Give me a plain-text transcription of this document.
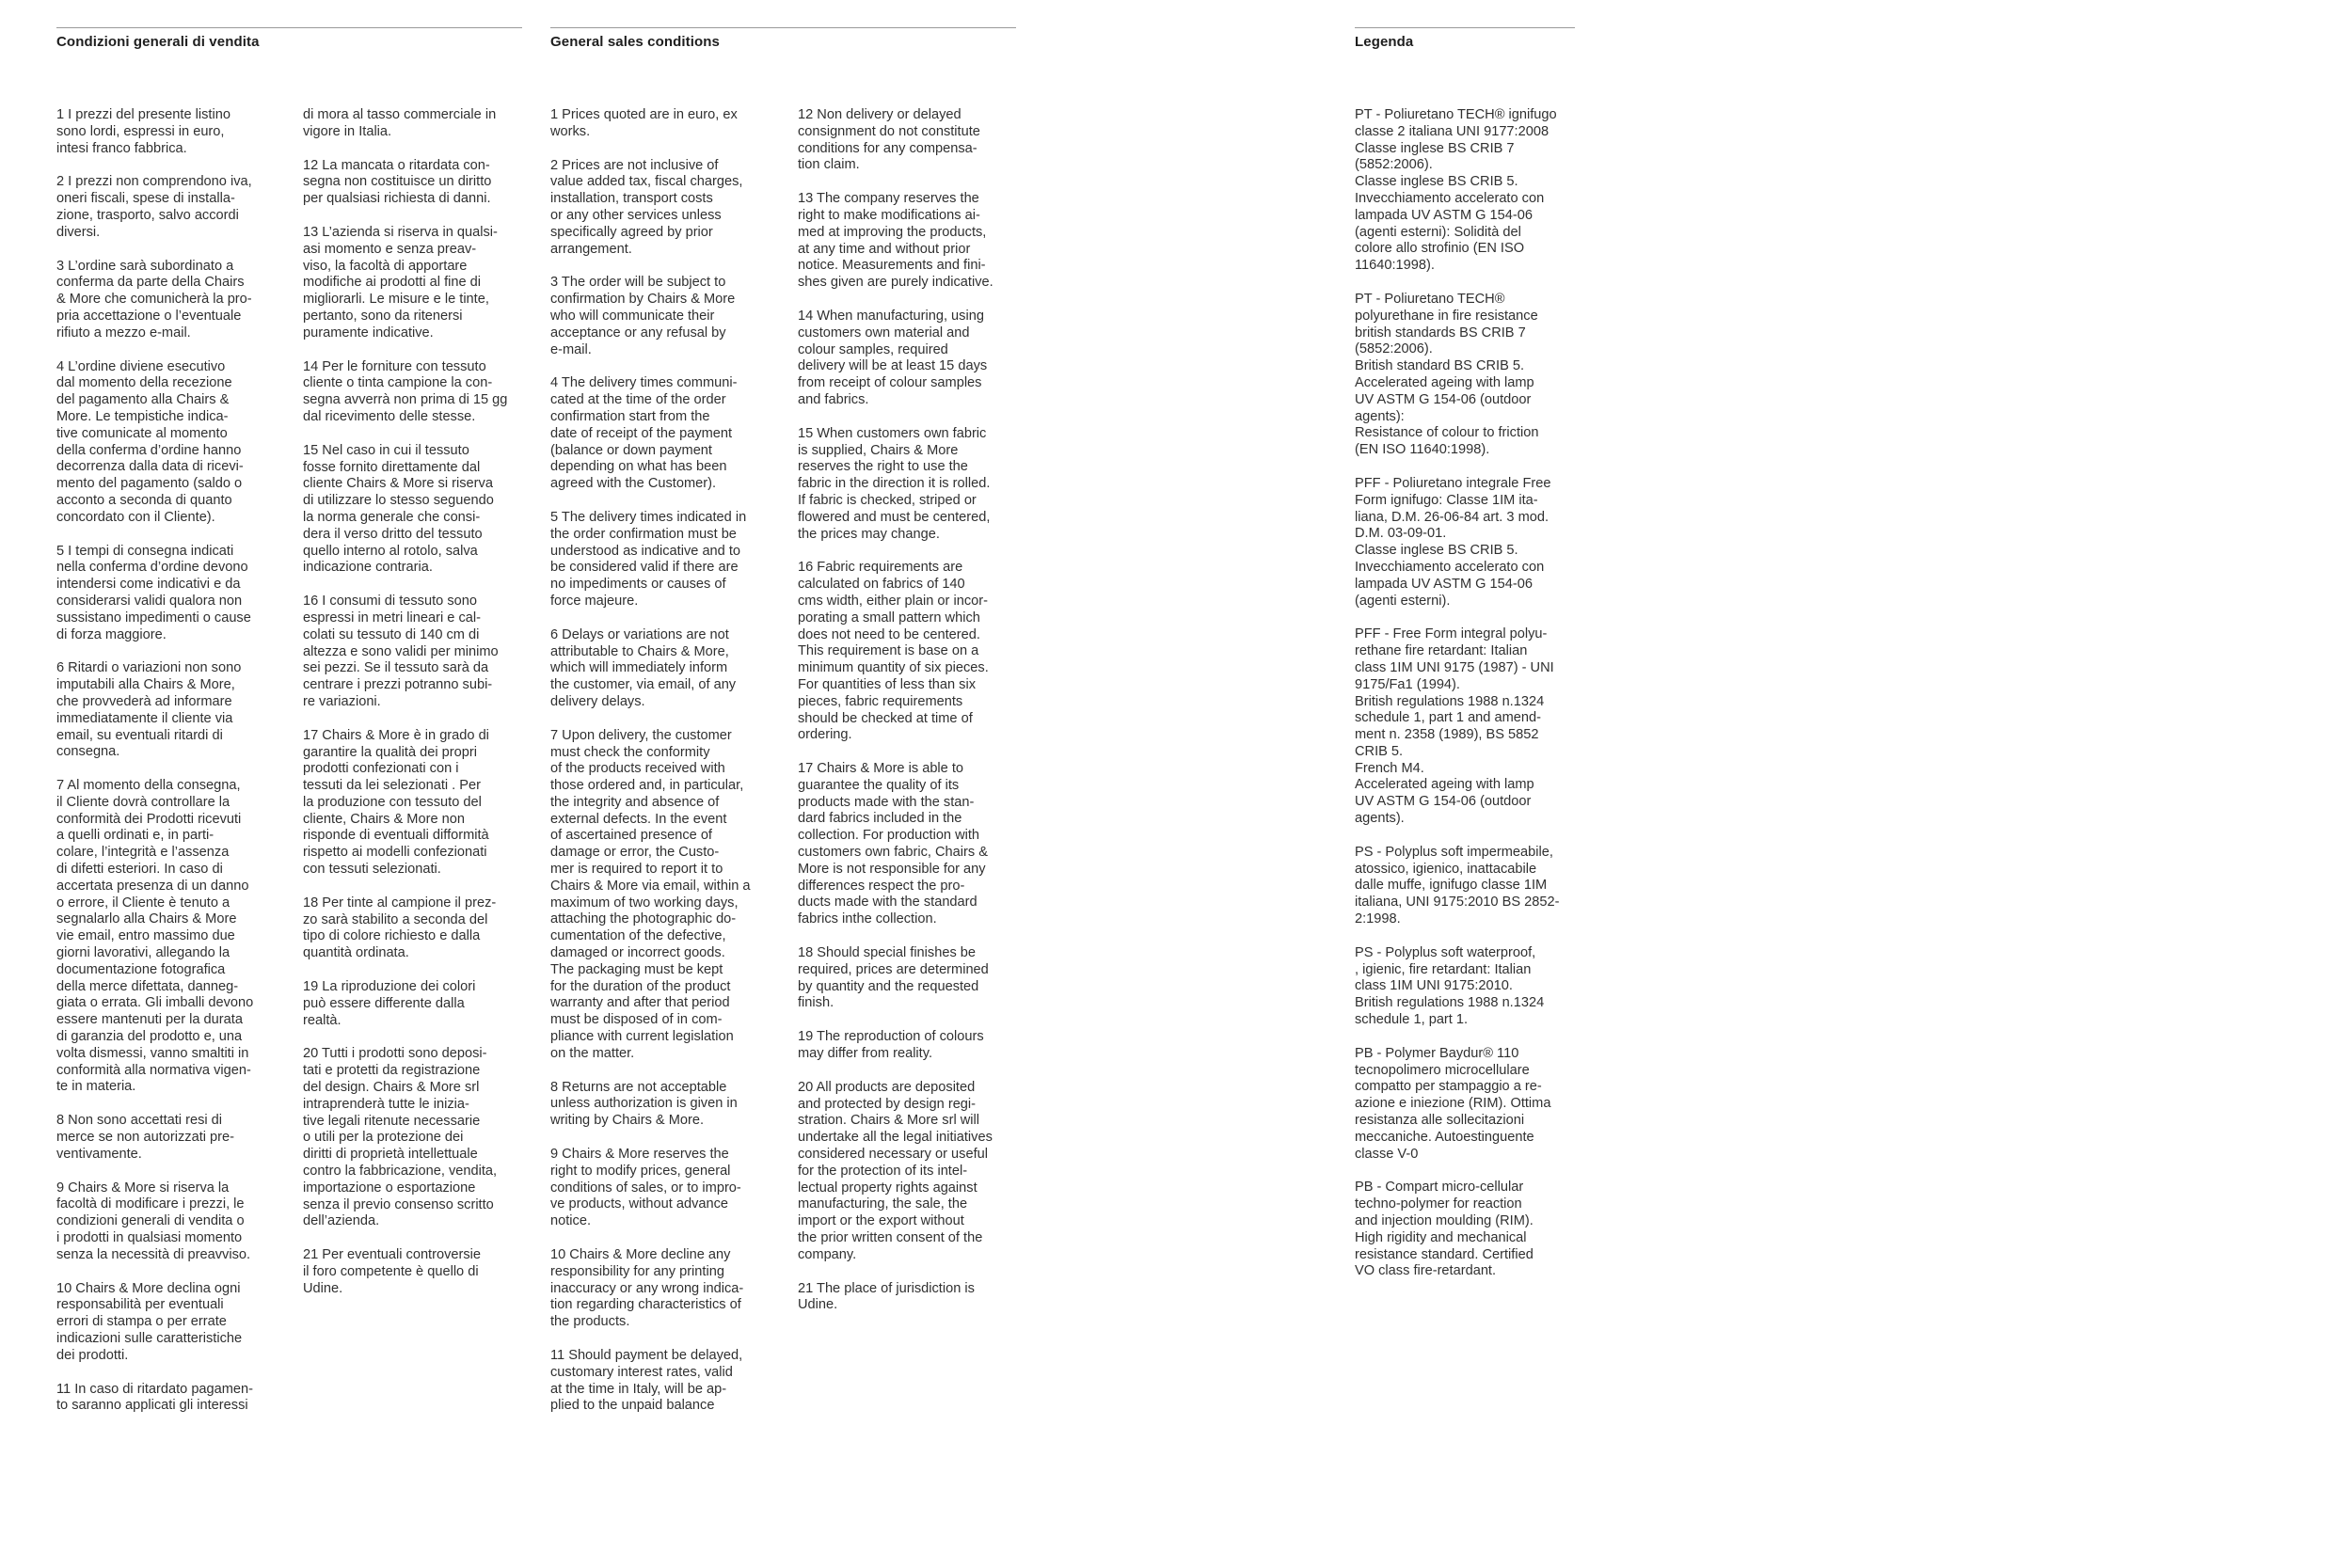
Condizioni generali di vendita	General sales conditions	Legenda

1 I prezzi del presente listino
sono lordi, espressi in euro,
intesi franco fabbrica.

2 I prezzi non comprendono iva,
oneri fiscali, spese di installa-
zione, trasporto, salvo accordi
diversi.

3 L’ordine sarà subordinato a
conferma da parte della Chairs
& More che comunicherà la pro-
pria accettazione o l’eventuale
rifiuto a mezzo e-mail.

4 L’ordine diviene esecutivo
dal momento della recezione
del pagamento alla Chairs &
More. Le tempistiche indica-
tive comunicate al momento
della conferma d’ordine hanno
decorrenza dalla data di ricevi-
mento del pagamento (saldo o
acconto a seconda di quanto
concordato con il Cliente).

5 I tempi di consegna indicati
nella conferma d’ordine devono
intendersi come indicativi e da
considerarsi validi qualora non
sussistano impedimenti o cause
di forza maggiore.

6 Ritardi o variazioni non sono
imputabili alla Chairs & More,
che provvederà ad informare
immediatamente il cliente via
email, su eventuali ritardi di
consegna.

7 Al momento della consegna,
il Cliente dovrà controllare la
conformità dei Prodotti ricevuti
a quelli ordinati e, in parti-
colare, l’integrità e l’assenza
di difetti esteriori. In caso di
accertata presenza di un danno
o errore, il Cliente è tenuto a
segnalarlo alla Chairs & More
vie email, entro massimo due
giorni lavorativi, allegando la
documentazione fotografica
della merce difettata, danneg-
giata o errata. Gli imballi devono
essere mantenuti per la durata
di garanzia del prodotto e, una
volta dismessi, vanno smaltiti in
conformità alla normativa vigen-
te in materia.

8 Non sono accettati resi di
merce se non autorizzati pre-
ventivamente.

9 Chairs & More si riserva la
facoltà di modificare i prezzi, le
condizioni generali di vendita o
i prodotti in qualsiasi momento
senza la necessità di preavviso.

10 Chairs & More declina ogni
responsabilità per eventuali
errori di stampa o per errate
indicazioni sulle caratteristiche
dei prodotti.

11 In caso di ritardato pagamen-
to saranno applicati gli interessi

di mora al tasso commerciale in
vigore in Italia.

12 La mancata o ritardata con-
segna non costituisce un diritto
per qualsiasi richiesta di danni.

13 L’azienda si riserva in qualsi-
asi momento e senza preav-
viso, la facoltà di apportare
modifiche ai prodotti al fine di
migliorarli. Le misure e le tinte,
pertanto, sono da ritenersi
puramente indicative.

14 Per le forniture con tessuto
cliente o tinta campione la con-
segna avverrà non prima di 15 gg
dal ricevimento delle stesse.

15 Nel caso in cui il tessuto
fosse fornito direttamente dal
cliente Chairs & More si riserva
di utilizzare lo stesso seguendo
la norma generale che consi-
dera il verso dritto del tessuto
quello interno al rotolo, salva
indicazione contraria.

16 I consumi di tessuto sono
espressi in metri lineari e cal-
colati su tessuto di 140 cm di
altezza e sono validi per minimo
sei pezzi. Se il tessuto sarà da
centrare i prezzi potranno subi-
re variazioni.

17 Chairs & More è in grado di
garantire la qualità dei propri
prodotti confezionati con i
tessuti da lei selezionati . Per
la produzione con tessuto del
cliente, Chairs & More non
risponde di eventuali difformità
rispetto ai modelli confezionati
con tessuti selezionati.

18 Per tinte al campione il prez-
zo sarà stabilito a seconda del
tipo di colore richiesto e dalla
quantità ordinata.

19 La riproduzione dei colori
può essere differente dalla
realtà.

20 Tutti i prodotti sono deposi-
tati e protetti da registrazione
del design. Chairs & More srl
intraprenderà tutte le inizia-
tive legali ritenute necessarie
o utili per la protezione dei
diritti di proprietà intellettuale
contro la fabbricazione, vendita,
importazione o esportazione
senza il previo consenso scritto
dell’azienda.

21 Per eventuali controversie
il foro competente è quello di
Udine.

1 Prices quoted are in euro, ex
works.

2 Prices are not inclusive of
value added tax, fiscal charges,
installation, transport costs
or any other services unless
specifically agreed by prior
arrangement.

3 The order will be subject to
confirmation by Chairs & More
who will communicate their
acceptance or any refusal by
e-mail.

4 The delivery times communi-
cated at the time of the order
confirmation start from the
date of receipt of the payment
(balance or down payment
depending on what has been
agreed with the Customer).

5 The delivery times indicated in
the order confirmation must be
understood as indicative and to
be considered valid if there are
no impediments or causes of
force majeure.

6 Delays or variations are not
attributable to Chairs & More,
which will immediately inform
the customer, via email, of any
delivery delays.

7 Upon delivery, the customer
must check the conformity
of the products received with
those ordered and, in particular,
the integrity and absence of
external defects. In the event
of ascertained presence of
damage or error, the Custo-
mer is required to report it to
Chairs & More via email, within a
maximum of two working days,
attaching the photographic do-
cumentation of the defective,
damaged or incorrect goods.
The packaging must be kept
for the duration of the product
warranty and after that period
must be disposed of in com-
pliance with current legislation
on the matter.

8 Returns are not acceptable
unless authorization is given in
writing by Chairs & More.

9 Chairs & More reserves the
right to modify prices, general
conditions of sales, or to impro-
ve products, without advance
notice.

10 Chairs & More decline any
responsibility for any printing
inaccuracy or any wrong indica-
tion regarding characteristics of
the products.

11 Should payment be delayed,
customary interest rates, valid
at the time in Italy, will be ap-
plied to the unpaid balance

12 Non delivery or delayed
consignment do not constitute
conditions for any compensa-
tion claim.

13 The company reserves the
right to make modifications ai-
med at improving the products,
at any time and without prior
notice. Measurements and fini-
shes given are purely indicative.

14 When manufacturing, using
customers own material and
colour samples, required
delivery will be at least 15 days
from receipt of colour samples
and fabrics.

15 When customers own fabric
is supplied, Chairs & More
reserves the right to use the
fabric in the direction it is rolled.
If fabric is checked, striped or
flowered and must be centered,
the prices may change.

16 Fabric requirements are
calculated on fabrics of 140
cms width, either plain or incor-
porating a small pattern which
does not need to be centered.
This requirement is base on a
minimum quantity of six pieces.
For quantities of less than six
pieces, fabric requirements
should be checked at time of
ordering.

17 Chairs & More is able to
guarantee the quality of its
products made with the stan-
dard fabrics included in the
collection. For production with
customers own fabric, Chairs &
More is not responsible for any
differences respect the pro-
ducts made with the standard
fabrics inthe collection.

18 Should special finishes be
required, prices are determined
by quantity and the requested
finish.

19 The reproduction of colours
may differ from reality.

20 All products are deposited
and protected by design regi-
stration. Chairs & More srl will
undertake all the legal initiatives
considered necessary or useful
for the protection of its intel-
lectual property rights against
manufacturing, the sale, the
import or the export without
the prior written consent of the
company.

21 The place of jurisdiction is
Udine.

PT - Poliuretano TECH® ignifugo
classe 2 italiana UNI 9177:2008
Classe inglese BS CRIB 7
(5852:2006).
Classe inglese BS CRIB 5.
Invecchiamento accelerato con
lampada UV ASTM G 154-06
(agenti esterni): Solidità del
colore allo strofinio (EN ISO
11640:1998).

PT - Poliuretano TECH®
polyurethane in fire resistance
british standards BS CRIB 7
(5852:2006).
British standard BS CRIB 5.
Accelerated ageing with lamp
UV ASTM G 154-06 (outdoor
agents):
Resistance of colour to friction
(EN ISO 11640:1998).

PFF - Poliuretano integrale Free
Form ignifugo: Classe 1IM ita-
liana, D.M. 26-06-84 art. 3 mod.
D.M. 03-09-01.
Classe inglese BS CRIB 5.
Invecchiamento accelerato con
lampada UV ASTM G 154-06
(agenti esterni).

PFF - Free Form integral polyu-
rethane fire retardant: Italian
class 1IM UNI 9175 (1987) - UNI
9175/Fa1 (1994).
British regulations 1988 n.1324
schedule 1, part 1 and amend-
ment n. 2358 (1989), BS 5852
CRIB 5.
French M4.
Accelerated ageing with lamp
UV ASTM G 154-06 (outdoor
agents).

PS - Polyplus soft impermeabile,
atossico, igienico, inattacabile
dalle muffe, ignifugo classe 1IM
italiana, UNI 9175:2010 BS 2852-
2:1998.

PS - Polyplus soft waterproof,
, igienic, fire retardant: Italian
class 1IM UNI 9175:2010.
British regulations 1988 n.1324
schedule 1, part 1.

PB - Polymer Baydur® 110
tecnopolimero microcellulare
compatto per stampaggio a re-
azione e iniezione (RIM). Ottima
resistanza alle sollecitazioni
meccaniche. Autoestinguente
classe V-0

PB - Compart micro-cellular
techno-polymer for reaction
and injection moulding (RIM).
High rigidity and mechanical
resistance standard. Certified
VO class fire-retardant.
